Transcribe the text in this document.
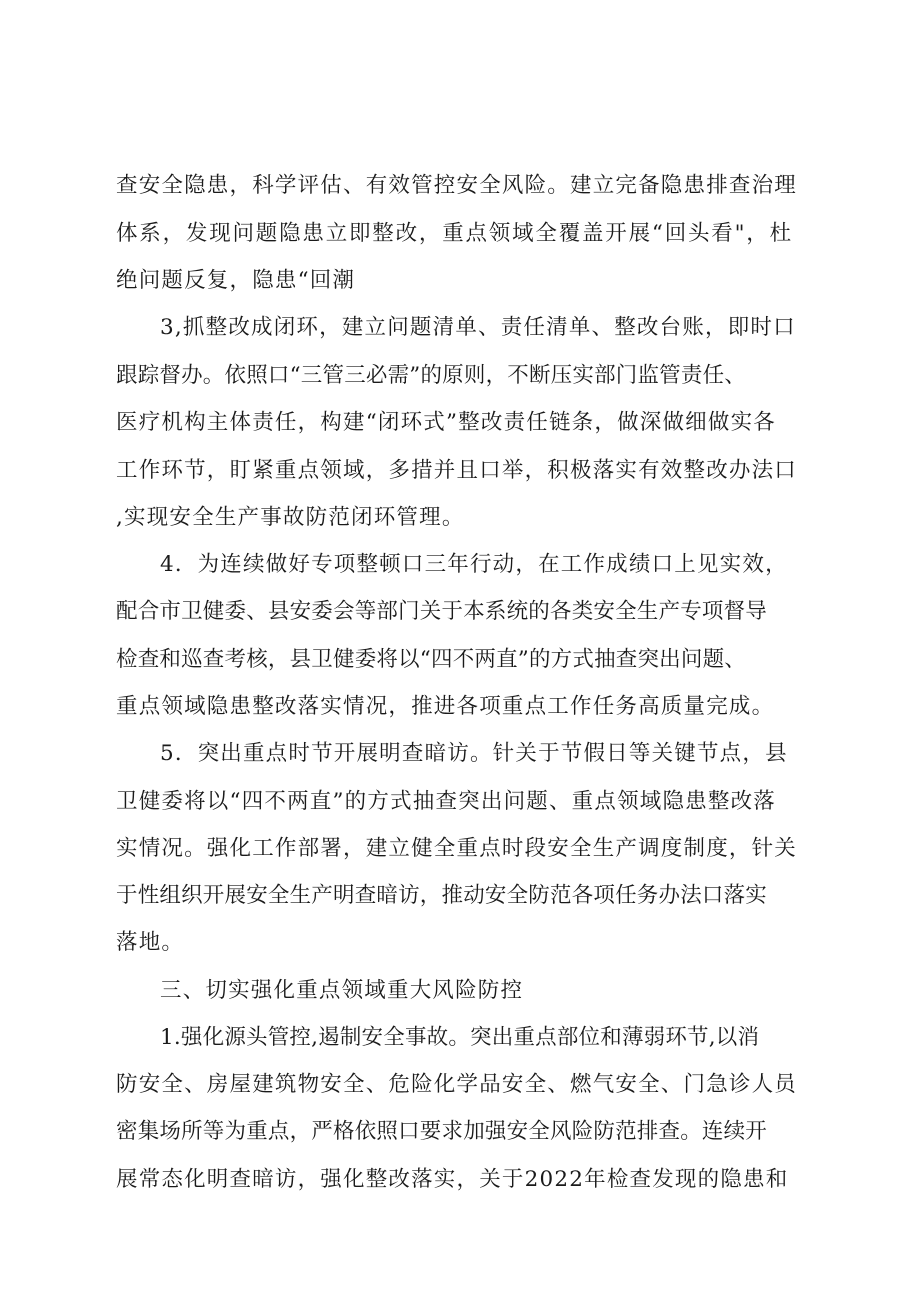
查安全隐患，科学评估、有效管控安全风险。建立完备隐患排查治理
体系，发现问题隐患立即整改，重点领域全覆盖开展“回头看"，杜
绝问题反复，隐患“回潮
3,抓整改成闭环，建立问题清单、责任清单、整改台账，即时口
跟踪督办。依照口“三管三必需”的原则，不断压实部门监管责任、
医疗机构主体责任，构建“闭环式”整改责任链条，做深做细做实各
工作环节，盯紧重点领域，多措并且口举，积极落实有效整改办法口
,实现安全生产事故防范闭环管理。
4．为连续做好专项整顿口三年行动，在工作成绩口上见实效，
配合市卫健委、县安委会等部门关于本系统的各类安全生产专项督导
检查和巡查考核，县卫健委将以“四不两直”的方式抽查突出问题、
重点领域隐患整改落实情况，推进各项重点工作任务高质量完成。
5．突出重点时节开展明查暗访。针关于节假日等关键节点，县
卫健委将以“四不两直”的方式抽查突出问题、重点领域隐患整改落
实情况。强化工作部署，建立健全重点时段安全生产调度制度，针关
于性组织开展安全生产明查暗访，推动安全防范各项任务办法口落实
落地。
三、切实强化重点领域重大风险防控
1.强化源头管控,遏制安全事故。突出重点部位和薄弱环节,以消
防安全、房屋建筑物安全、危险化学品安全、燃气安全、门急诊人员
密集场所等为重点，严格依照口要求加强安全风险防范排查。连续开
展常态化明查暗访，强化整改落实，关于2022年检查发现的隐患和
